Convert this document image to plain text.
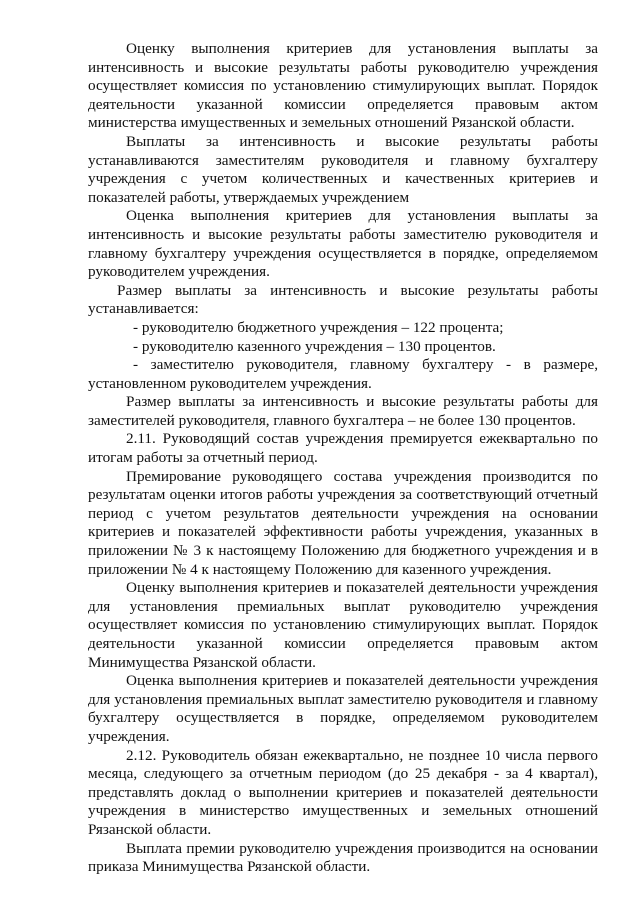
Оценку выполнения критериев для установления выплаты за интенсивность и высокие результаты работы руководителю учреждения осуществляет комиссия по установлению стимулирующих выплат. Порядок деятельности указанной комиссии определяется правовым актом министерства имущественных и земельных отношений Рязанской области.

Выплаты за интенсивность и высокие результаты работы устанавливаются заместителям руководителя и главному бухгалтеру учреждения с учетом количественных и качественных критериев и показателей работы, утверждаемых учреждением

Оценка выполнения критериев для установления выплаты за интенсивность и высокие результаты работы заместителю руководителя и главному бухгалтеру учреждения осуществляется в порядке, определяемом руководителем учреждения.

Размер выплаты за интенсивность и высокие результаты работы устанавливается:

- руководителю бюджетного учреждения – 122 процента;

- руководителю казенного учреждения – 130 процентов.

- заместителю руководителя, главному бухгалтеру - в размере, установленном руководителем учреждения.

Размер выплаты за интенсивность и высокие результаты работы для заместителей руководителя, главного бухгалтера – не более 130 процентов.

2.11. Руководящий состав учреждения премируется ежеквартально по итогам работы за отчетный период.

Премирование руководящего состава учреждения производится по результатам оценки итогов работы учреждения за соответствующий отчетный период с учетом результатов деятельности учреждения на основании критериев и показателей эффективности работы учреждения, указанных в приложении № 3 к настоящему Положению для бюджетного учреждения и в приложении № 4 к настоящему Положению для казенного учреждения.

Оценку выполнения критериев и показателей деятельности учреждения для установления премиальных выплат руководителю учреждения осуществляет комиссия по установлению стимулирующих выплат. Порядок деятельности указанной комиссии определяется правовым актом Минимущества Рязанской области.

Оценка выполнения критериев и показателей деятельности учреждения для установления премиальных выплат заместителю руководителя и главному бухгалтеру осуществляется в порядке, определяемом руководителем учреждения.

2.12. Руководитель обязан ежеквартально, не позднее 10 числа первого месяца, следующего за отчетным периодом (до 25 декабря - за 4 квартал), представлять доклад о выполнении критериев и показателей деятельности учреждения в министерство имущественных и земельных отношений Рязанской области.

Выплата премии руководителю учреждения производится на основании приказа Минимущества Рязанской области.
